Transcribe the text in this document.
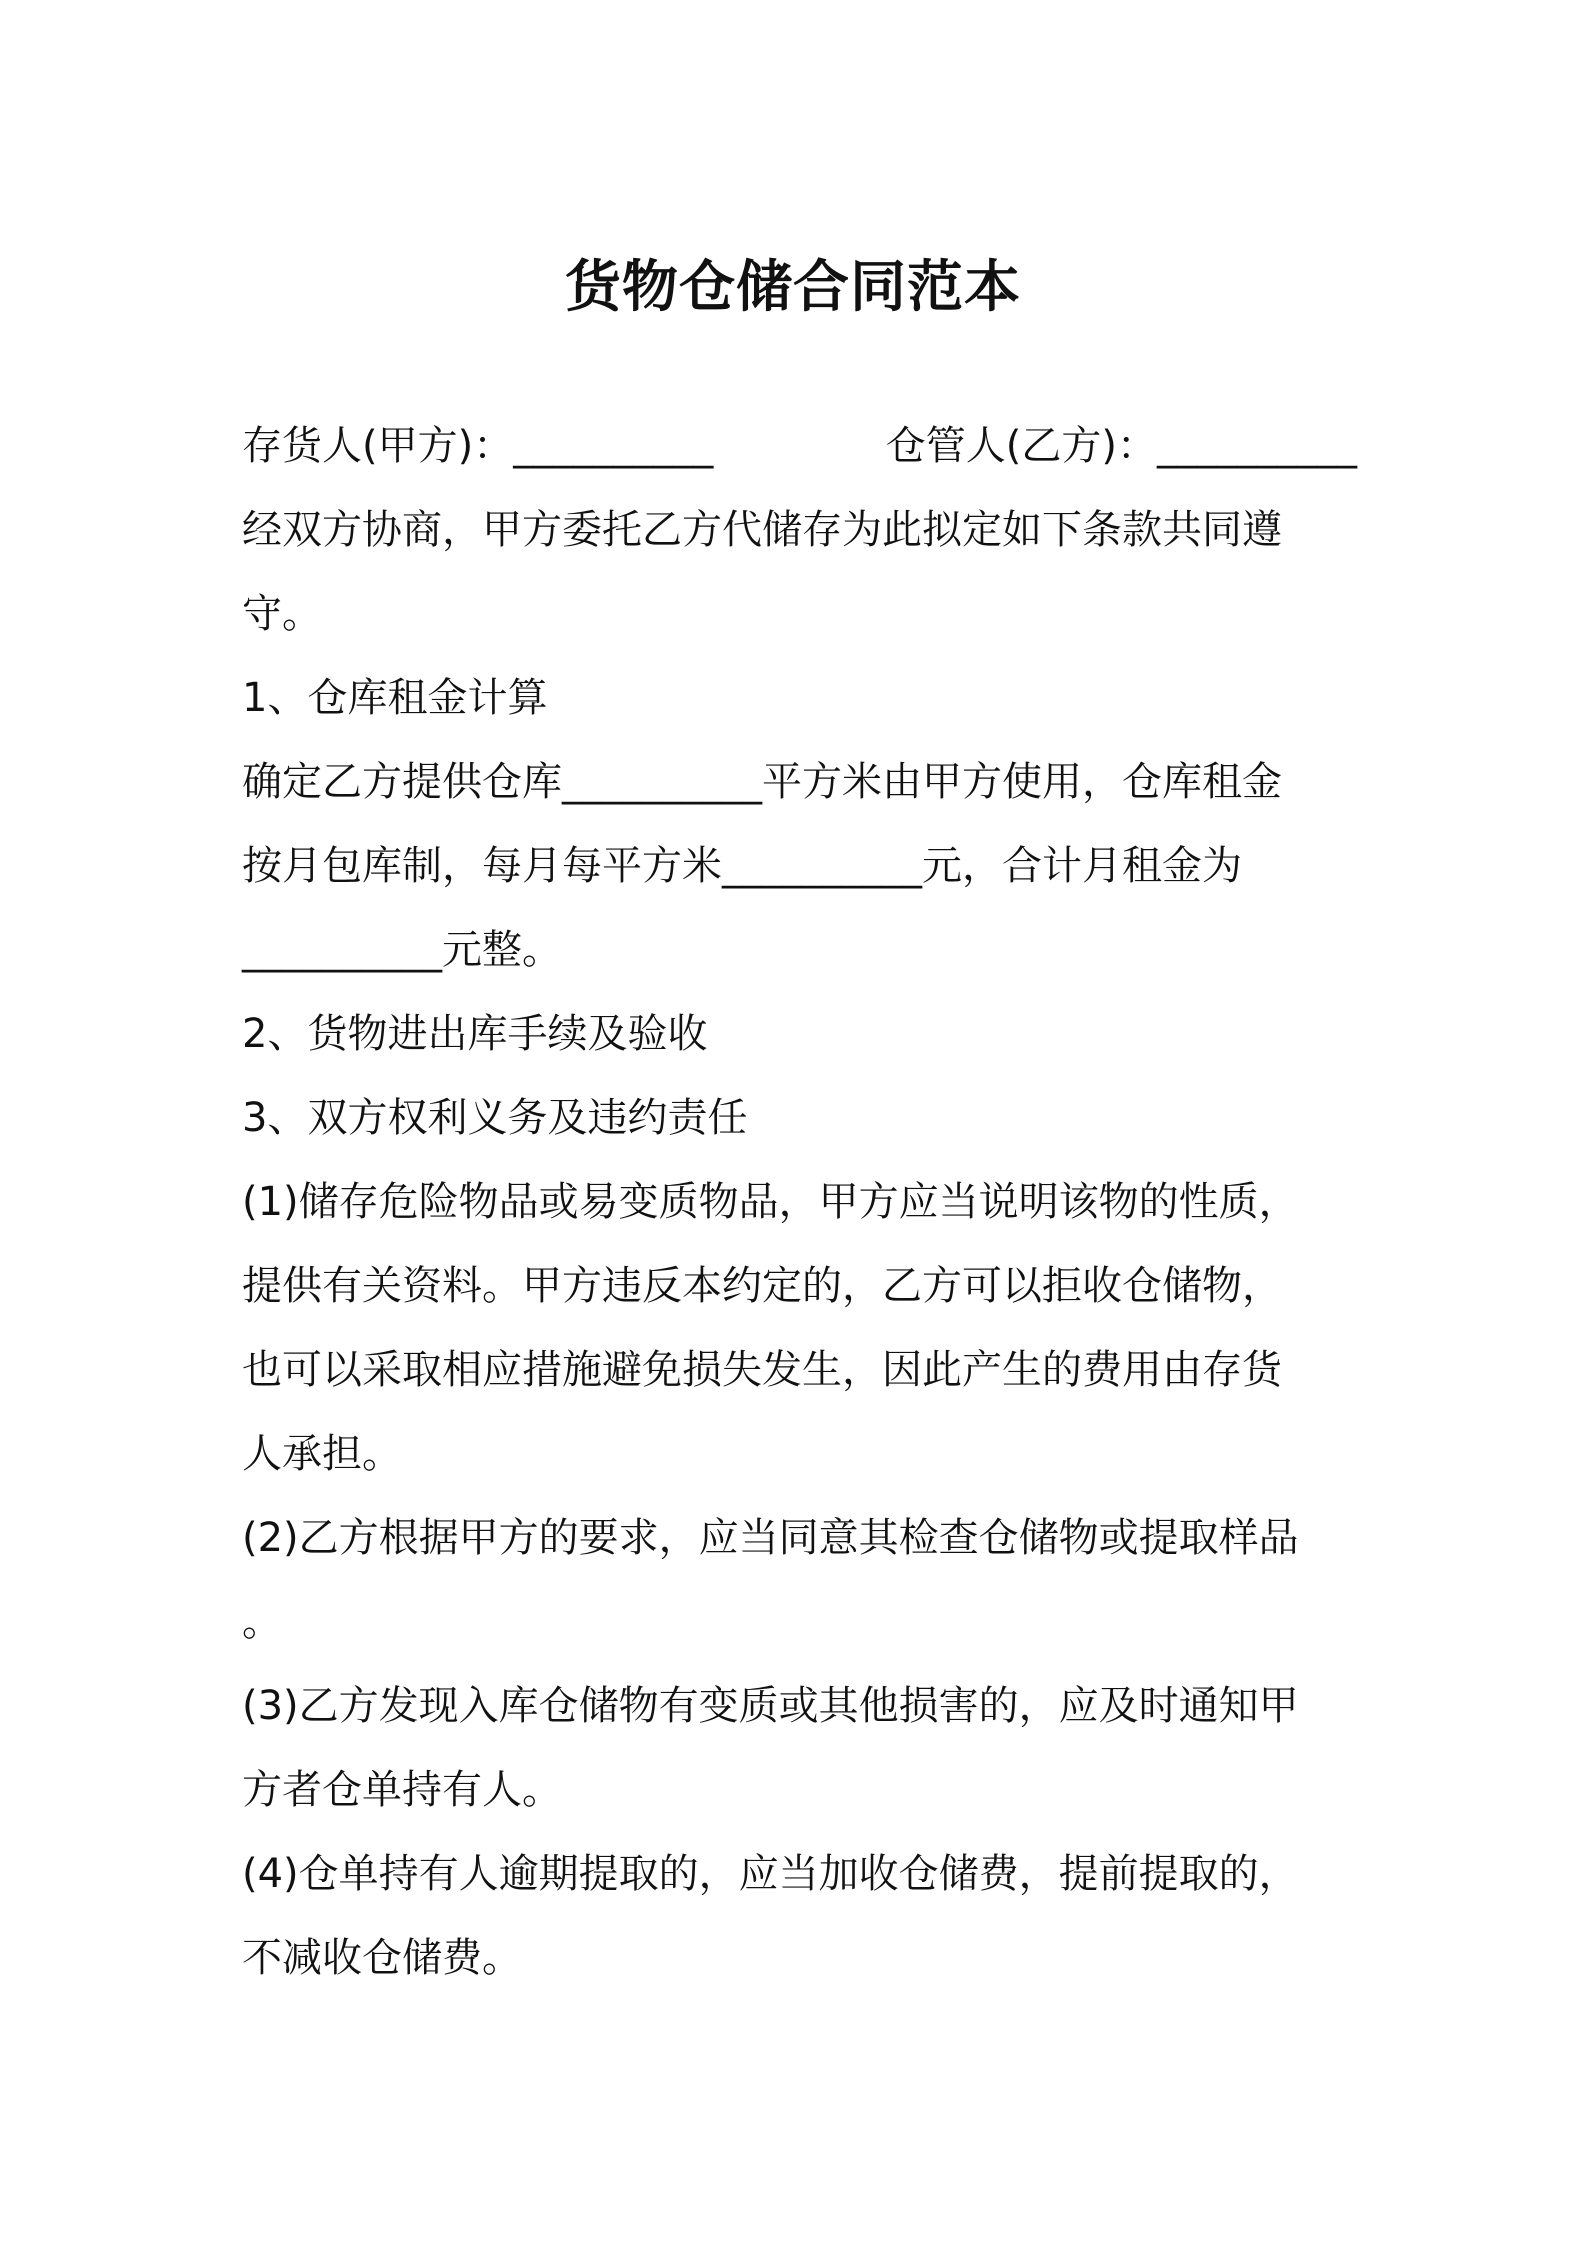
货物仓储合同范本
存货人(甲方)：__________	仓管人(乙方)：__________
经双方协商，甲方委托乙方代储存为此拟定如下条款共同遵
守。
1、仓库租金计算
确定乙方提供仓库__________平方米由甲方使用，仓库租金
按月包库制，每月每平方米__________元，合计月租金为
__________元整。
2、货物进出库手续及验收
3、双方权利义务及违约责任
(1)储存危险物品或易变质物品，甲方应当说明该物的性质，
提供有关资料。甲方违反本约定的，乙方可以拒收仓储物，
也可以采取相应措施避免损失发生，因此产生的费用由存货
人承担。
(2)乙方根据甲方的要求，应当同意其检查仓储物或提取样品
。
(3)乙方发现入库仓储物有变质或其他损害的，应及时通知甲
方者仓单持有人。
(4)仓单持有人逾期提取的，应当加收仓储费，提前提取的，
不减收仓储费。
